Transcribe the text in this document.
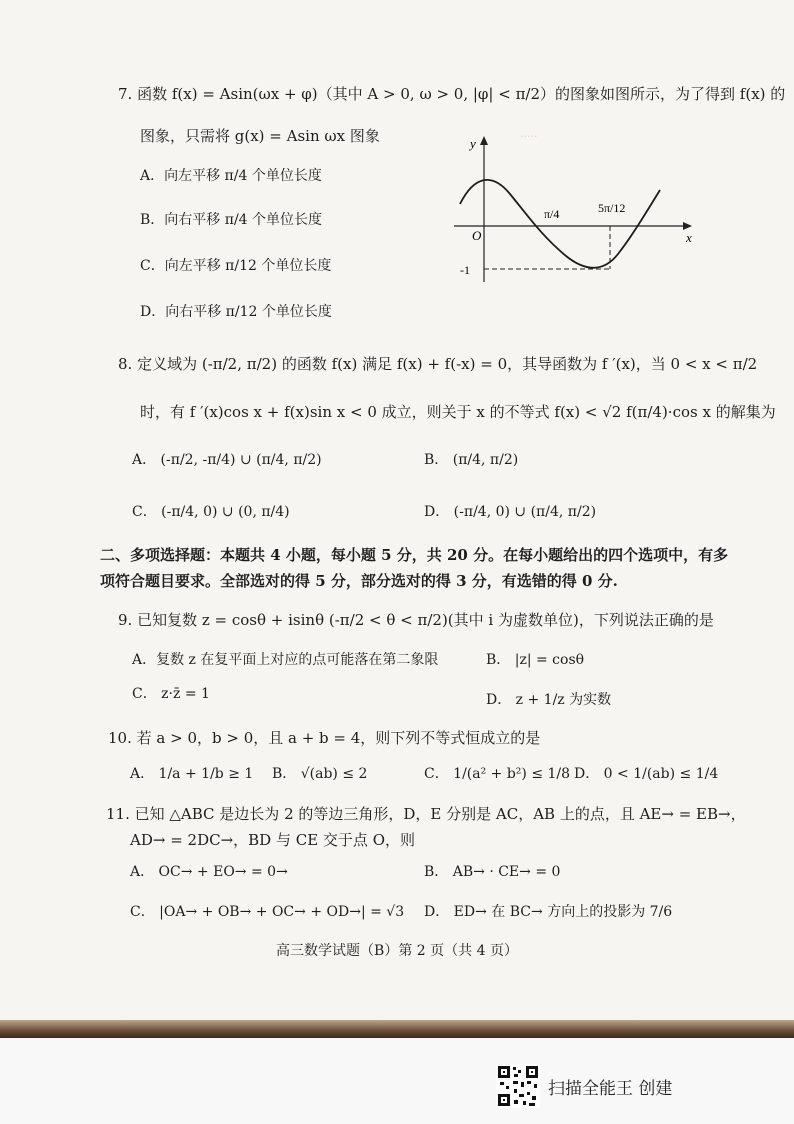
·····
7. 函数 f(x) = Asin(ωx + φ)（其中 A > 0, ω > 0, |φ| < π/2）的图象如图所示，为了得到 f(x) 的
图象，只需将 g(x) = Asin ωx 图象
A．向左平移 π/4 个单位长度
B．向右平移 π/4 个单位长度
C．向左平移 π/12 个单位长度
D．向右平移 π/12 个单位长度
y
x
O
π/4	5π/12
-1
8. 定义域为 (-π/2, π/2) 的函数 f(x) 满足 f(x) + f(-x) = 0，其导函数为 f ′(x)，当 0 < x < π/2
时，有 f ′(x)cos x + f(x)sin x < 0 成立，则关于 x 的不等式 f(x) < √2 f(π/4)·cos x 的解集为
A． (-π/2, -π/4) ∪ (π/4, π/2)	B． (π/4, π/2)
C． (-π/4, 0) ∪ (0, π/4)	D． (-π/4, 0) ∪ (π/4, π/2)
二、多项选择题：本题共 4 小题，每小题 5 分，共 20 分。在每小题给出的四个选项中，有多
项符合题目要求。全部选对的得 5 分，部分选对的得 3 分，有选错的得 0 分.
9. 已知复数 z = cosθ + isinθ (-π/2 < θ < π/2)(其中 i 为虚数单位)，下列说法正确的是
A．复数 z 在复平面上对应的点可能落在第二象限	B． |z| = cosθ
C． z·z̄ = 1	D． z + 1/z 为实数
10. 若 a > 0，b > 0，且 a + b = 4，则下列不等式恒成立的是
A． 1/a + 1/b ≥ 1 B． √(ab) ≤ 2	C． 1/(a² + b²) ≤ 1/8 D． 0 < 1/(ab) ≤ 1/4
11. 已知 △ABC 是边长为 2 的等边三角形，D，E 分别是 AC，AB 上的点，且 AE→ = EB→，
AD→ = 2DC→，BD 与 CE 交于点 O，则
A． OC→ + EO→ = 0→	B． AB→ · CE→ = 0
C． |OA→ + OB→ + OC→ + OD→| = √3 D． ED→ 在 BC→ 方向上的投影为 7/6
高三数学试题（B）第 2 页（共 4 页）
扫描全能王 创建
